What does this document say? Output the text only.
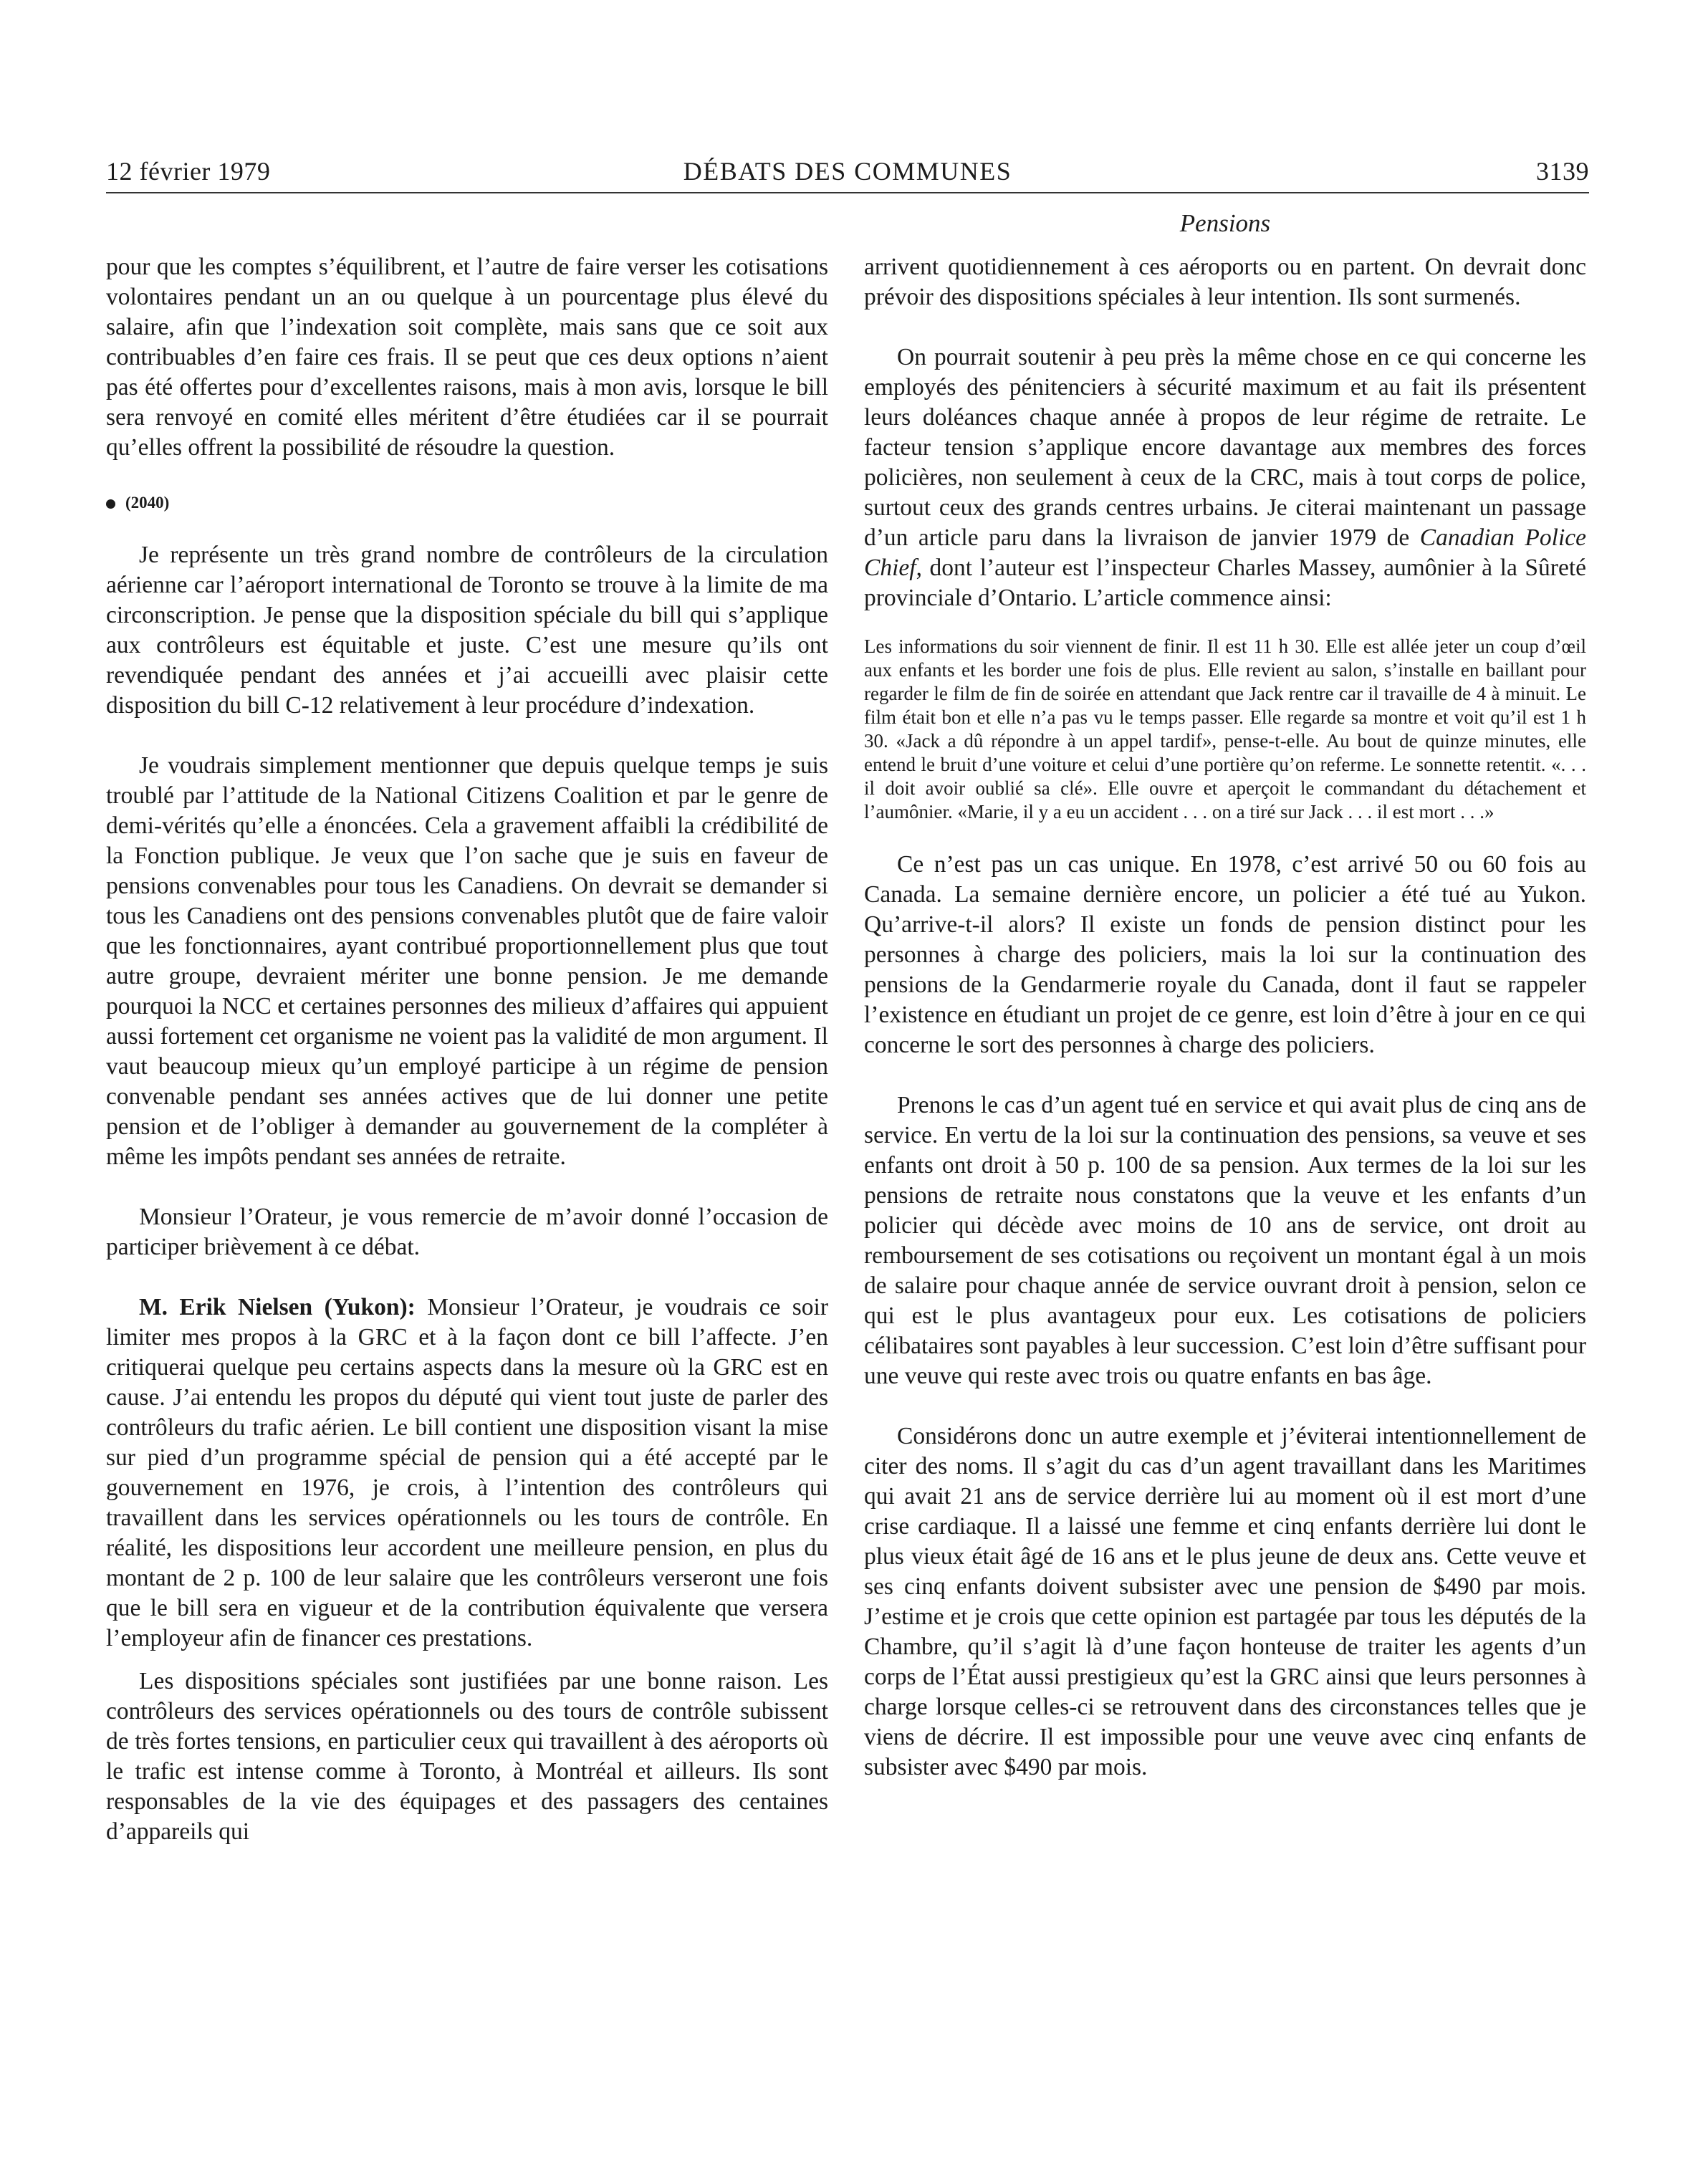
12 février 1979	DÉBATS DES COMMUNES	3139
Pensions

pour que les comptes s’équilibrent, et l’autre de faire verser les cotisations volontaires pendant un an ou quelque à un pourcentage plus élevé du salaire, afin que l’indexation soit complète, mais sans que ce soit aux contribuables d’en faire ces frais. Il se peut que ces deux options n’aient pas été offertes pour d’excellentes raisons, mais à mon avis, lorsque le bill sera renvoyé en comité elles méritent d’être étudiées car il se pourrait qu’elles offrent la possibilité de résoudre la question.

(2040)

Je représente un très grand nombre de contrôleurs de la circulation aérienne car l’aéroport international de Toronto se trouve à la limite de ma circonscription. Je pense que la disposition spéciale du bill qui s’applique aux contrôleurs est équitable et juste. C’est une mesure qu’ils ont revendiquée pendant des années et j’ai accueilli avec plaisir cette disposition du bill C-12 relativement à leur procédure d’indexation.

Je voudrais simplement mentionner que depuis quelque temps je suis troublé par l’attitude de la National Citizens Coalition et par le genre de demi-vérités qu’elle a énoncées. Cela a gravement affaibli la crédibilité de la Fonction publique. Je veux que l’on sache que je suis en faveur de pensions convenables pour tous les Canadiens. On devrait se demander si tous les Canadiens ont des pensions convenables plutôt que de faire valoir que les fonctionnaires, ayant contribué proportionnellement plus que tout autre groupe, devraient mériter une bonne pension. Je me demande pourquoi la NCC et certaines personnes des milieux d’affaires qui appuient aussi fortement cet organisme ne voient pas la validité de mon argument. Il vaut beaucoup mieux qu’un employé participe à un régime de pension convenable pendant ses années actives que de lui donner une petite pension et de l’obliger à demander au gouvernement de la compléter à même les impôts pendant ses années de retraite.

Monsieur l’Orateur, je vous remercie de m’avoir donné l’occasion de participer brièvement à ce débat.

M. Erik Nielsen (Yukon): Monsieur l’Orateur, je voudrais ce soir limiter mes propos à la GRC et à la façon dont ce bill l’affecte. J’en critiquerai quelque peu certains aspects dans la mesure où la GRC est en cause. J’ai entendu les propos du député qui vient tout juste de parler des contrôleurs du trafic aérien. Le bill contient une disposition visant la mise sur pied d’un programme spécial de pension qui a été accepté par le gouvernement en 1976, je crois, à l’intention des contrôleurs qui travaillent dans les services opérationnels ou les tours de contrôle. En réalité, les dispositions leur accordent une meilleure pension, en plus du montant de 2 p. 100 de leur salaire que les contrôleurs verseront une fois que le bill sera en vigueur et de la contribution équivalente que versera l’employeur afin de financer ces prestations.

Les dispositions spéciales sont justifiées par une bonne raison. Les contrôleurs des services opérationnels ou des tours de contrôle subissent de très fortes tensions, en particulier ceux qui travaillent à des aéroports où le trafic est intense comme à Toronto, à Montréal et ailleurs. Ils sont responsables de la vie des équipages et des passagers des centaines d’appareils qui

arrivent quotidiennement à ces aéroports ou en partent. On devrait donc prévoir des dispositions spéciales à leur intention. Ils sont surmenés.

On pourrait soutenir à peu près la même chose en ce qui concerne les employés des pénitenciers à sécurité maximum et au fait ils présentent leurs doléances chaque année à propos de leur régime de retraite. Le facteur tension s’applique encore davantage aux membres des forces policières, non seulement à ceux de la CRC, mais à tout corps de police, surtout ceux des grands centres urbains. Je citerai maintenant un passage d’un article paru dans la livraison de janvier 1979 de Canadian Police Chief, dont l’auteur est l’inspecteur Charles Massey, aumônier à la Sûreté provinciale d’Ontario. L’article commence ainsi:

Les informations du soir viennent de finir. Il est 11 h 30. Elle est allée jeter un coup d’œil aux enfants et les border une fois de plus. Elle revient au salon, s’installe en baillant pour regarder le film de fin de soirée en attendant que Jack rentre car il travaille de 4 à minuit. Le film était bon et elle n’a pas vu le temps passer. Elle regarde sa montre et voit qu’il est 1 h 30. «Jack a dû répondre à un appel tardif», pense-t-elle. Au bout de quinze minutes, elle entend le bruit d’une voiture et celui d’une portière qu’on referme. Le sonnette retentit. «. . . il doit avoir oublié sa clé». Elle ouvre et aperçoit le commandant du détachement et l’aumônier. «Marie, il y a eu un accident . . . on a tiré sur Jack . . . il est mort . . .»

Ce n’est pas un cas unique. En 1978, c’est arrivé 50 ou 60 fois au Canada. La semaine dernière encore, un policier a été tué au Yukon. Qu’arrive-t-il alors? Il existe un fonds de pension distinct pour les personnes à charge des policiers, mais la loi sur la continuation des pensions de la Gendarmerie royale du Canada, dont il faut se rappeler l’existence en étudiant un projet de ce genre, est loin d’être à jour en ce qui concerne le sort des personnes à charge des policiers.

Prenons le cas d’un agent tué en service et qui avait plus de cinq ans de service. En vertu de la loi sur la continuation des pensions, sa veuve et ses enfants ont droit à 50 p. 100 de sa pension. Aux termes de la loi sur les pensions de retraite nous constatons que la veuve et les enfants d’un policier qui décède avec moins de 10 ans de service, ont droit au remboursement de ses cotisations ou reçoivent un montant égal à un mois de salaire pour chaque année de service ouvrant droit à pension, selon ce qui est le plus avantageux pour eux. Les cotisations de policiers célibataires sont payables à leur succession. C’est loin d’être suffisant pour une veuve qui reste avec trois ou quatre enfants en bas âge.

Considérons donc un autre exemple et j’éviterai intentionnellement de citer des noms. Il s’agit du cas d’un agent travaillant dans les Maritimes qui avait 21 ans de service derrière lui au moment où il est mort d’une crise cardiaque. Il a laissé une femme et cinq enfants derrière lui dont le plus vieux était âgé de 16 ans et le plus jeune de deux ans. Cette veuve et ses cinq enfants doivent subsister avec une pension de $490 par mois. J’estime et je crois que cette opinion est partagée par tous les députés de la Chambre, qu’il s’agit là d’une façon honteuse de traiter les agents d’un corps de l’État aussi prestigieux qu’est la GRC ainsi que leurs personnes à charge lorsque celles-ci se retrouvent dans des circonstances telles que je viens de décrire. Il est impossible pour une veuve avec cinq enfants de subsister avec $490 par mois.
